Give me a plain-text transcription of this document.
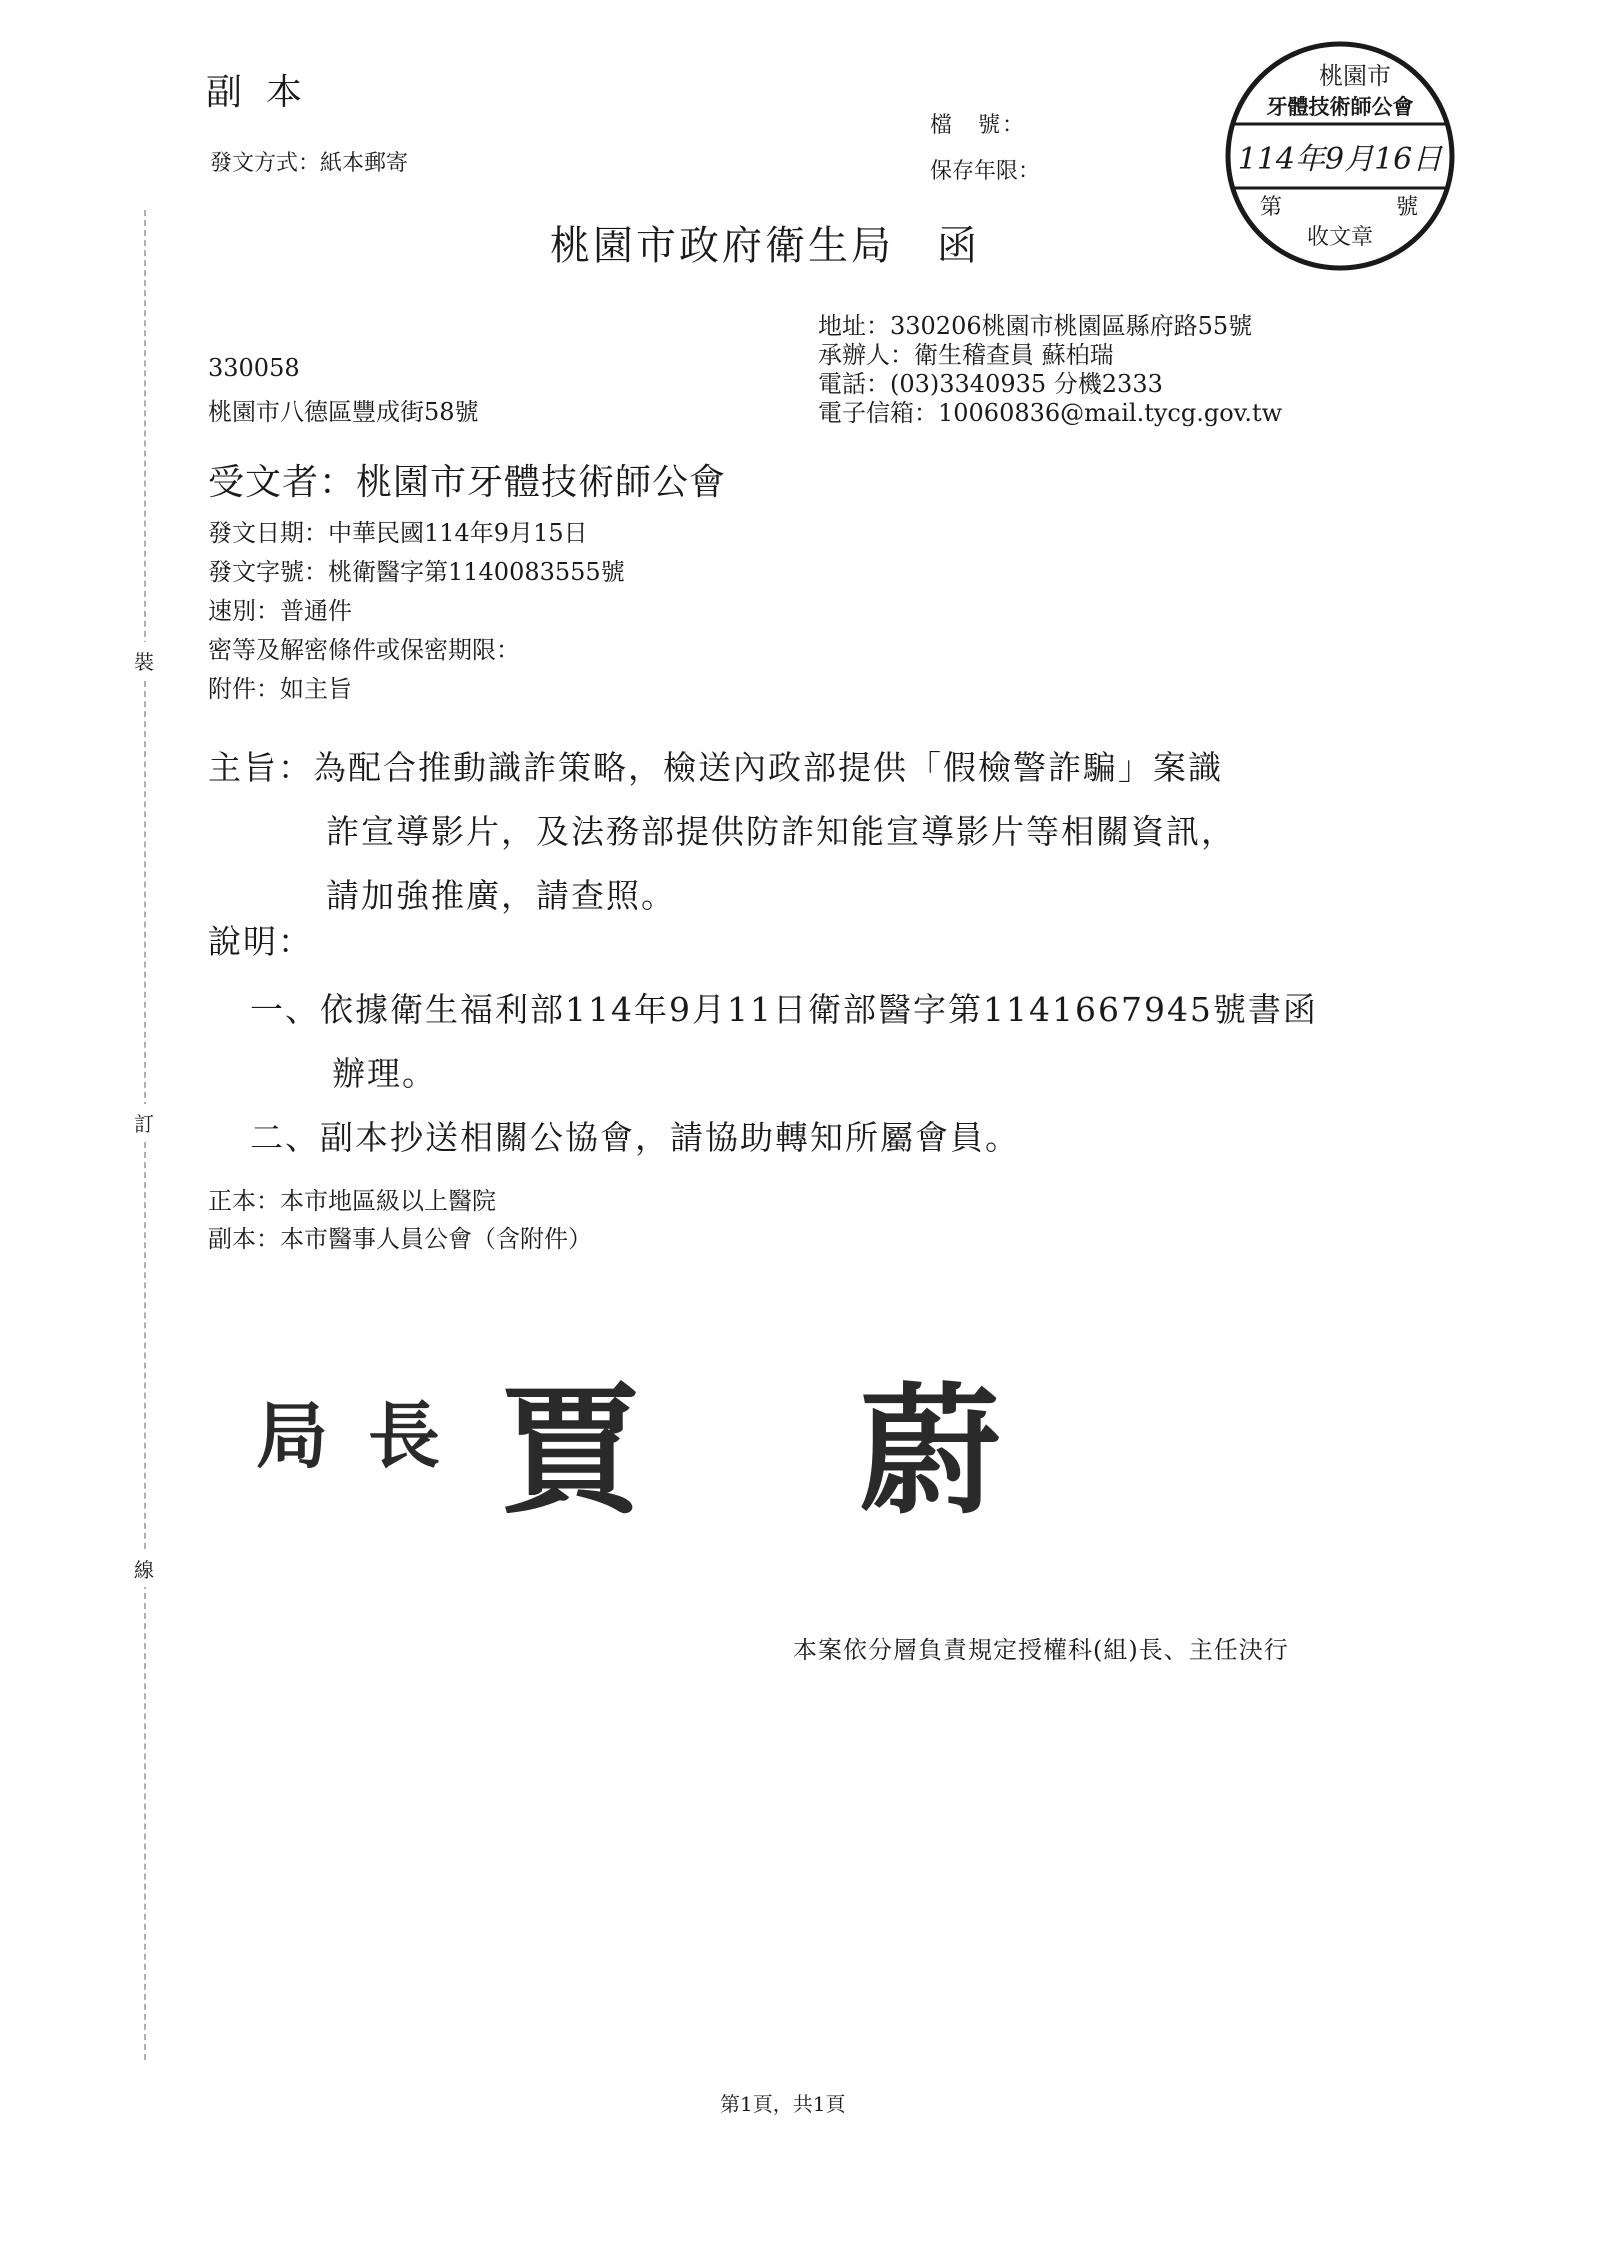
裝
訂
線
副本
發文方式：紙本郵寄
檔　號：
保存年限：
桃園市
牙體技術師公會
114年9月16日
第	號
收文章
桃園市政府衛生局　函
地址：330206桃園市桃園區縣府路55號
承辦人：衛生稽查員 蘇柏瑞
電話：(03)3340935 分機2333
電子信箱：10060836@mail.tycg.gov.tw
330058
桃園市八德區豐成街58號
受文者：桃園市牙體技術師公會
發文日期：中華民國114年9月15日
發文字號：桃衛醫字第1140083555號
速別：普通件
密等及解密條件或保密期限：
附件：如主旨
主旨：為配合推動識詐策略，檢送內政部提供「假檢警詐騙」案識
詐宣導影片，及法務部提供防詐知能宣導影片等相關資訊，
請加強推廣，請查照。
說明：
一、依據衛生福利部114年9月11日衛部醫字第1141667945號書函
辦理。
二、副本抄送相關公協會，請協助轉知所屬會員。
正本：本市地區級以上醫院
副本：本市醫事人員公會（含附件）
局長 賈 蔚
本案依分層負責規定授權科(組)長、主任決行
第1頁，共1頁
